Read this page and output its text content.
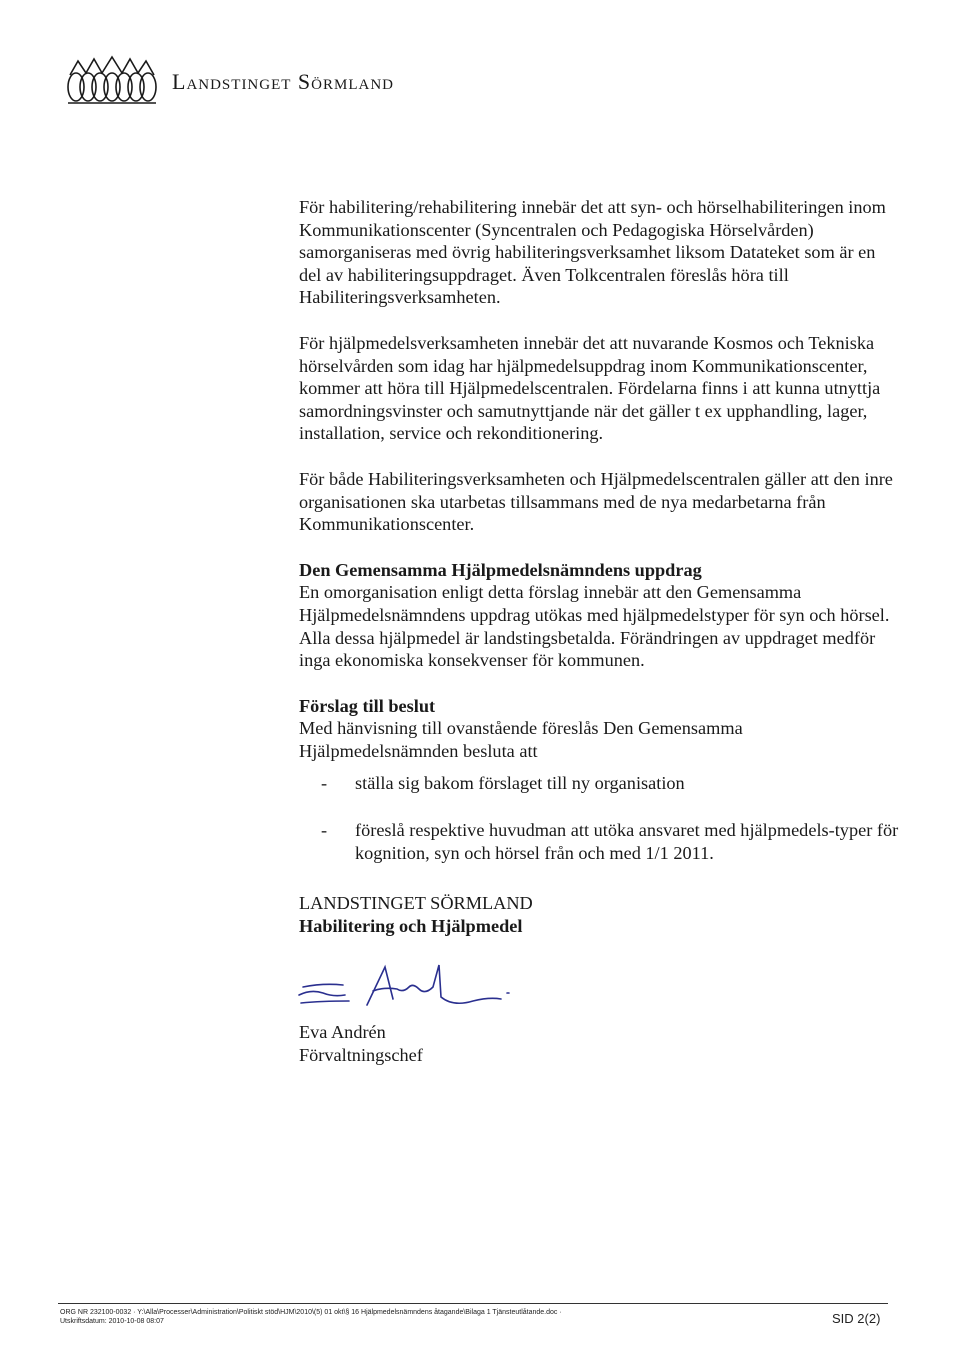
Landstinget Sörmland

För habilitering/rehabilitering innebär det att syn- och hörselhabiliteringen inom Kommunikationscenter (Syncentralen och Pedagogiska Hörselvården) samorganiseras med övrig habiliteringsverksamhet liksom Datateket som är en del av habiliteringsuppdraget. Även Tolkcentralen föreslås höra till Habiliteringsverksamheten.

För hjälpmedelsverksamheten innebär det att nuvarande Kosmos och Tekniska hörselvården som idag har hjälpmedelsuppdrag inom Kommunikationscenter, kommer att höra till Hjälpmedelscentralen. Fördelarna finns i att kunna utnyttja samordningsvinster och samutnyttjande när det gäller t ex upphandling, lager, installation, service och rekonditionering.

För både Habiliteringsverksamheten och Hjälpmedelscentralen gäller att den inre organisationen ska utarbetas tillsammans med de nya medarbetarna från Kommunikationscenter.

Den Gemensamma Hjälpmedelsnämndens uppdrag
En omorganisation enligt detta förslag innebär att den Gemensamma Hjälpmedelsnämndens uppdrag utökas med hjälpmedelstyper för syn och hörsel. Alla dessa hjälpmedel är landstingsbetalda. Förändringen av uppdraget medför inga ekonomiska konsekvenser för kommunen.
Förslag till beslut
Med hänvisning till ovanstående föreslås Den Gemensamma Hjälpmedelsnämnden besluta att
- ställa sig bakom förslaget till ny organisation
- föreslå respektive huvudman att utöka ansvaret med hjälpmedels-typer för kognition, syn och hörsel från och med 1/1 2011.
LANDSTINGET SÖRMLAND
Habilitering och Hjälpmedel
Eva Andrén
Förvaltningschef
ORG NR 232100-0032 · Y:\Alla\Processer\Administration\Politiskt stöd\HJM\2010\(5) 01 okt\§ 16 Hjälpmedelsnämndens åtagande\Bilaga 1 Tjänsteutlåtande.doc ·
Utskriftsdatum: 2010-10-08 08:07	SID 2(2)
